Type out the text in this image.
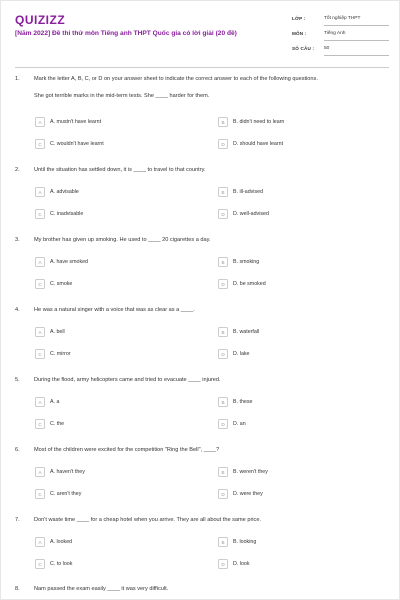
QUIZIZZ
[Năm 2022] Đề thi thử môn Tiếng anh THPT Quốc gia có lời giải (20 đề)
LỚP :	Tốt nghiệp THPT
MÔN :	Tiếng Anh
SỐ CÂU : 50
1.	Mark the letter A, B, C, or D on your answer sheet to indicate the correct answer to each of the following questions.
She got terrible marks in the mid-term tests. She ____ harder for them.
A	A. mustn't have learnt	B	B. didn't need to learn
C	C. wouldn't have learnt	D	D. should have learnt
2.	Until the situation has settled down, it is ____ to travel to that country.
A	A. advisable	B	B. ill-advised
C	C. inadvisable	D	D. well-advised
3.	My brother has given up smoking. He used to ____ 20 cigarettes a day.
A	A. have smoked	B	B. smoking
C	C. smoke	D	D. be smoked
4.	He was a natural singer with a voice that was as clear as a ____.
A	A. bell	B	B. waterfall
C	C. mirror	D	D. lake
5.	During the flood, army helicopters came and tried to evacuate ____ injured.
A	A. a	B	B. these
C	C. the	D	D. an
6.	Most of the children were excited for the competition "Ring the Bell", ____?
A	A. haven't they	B	B. weren't they
C	C. aren't they	D	D. were they
7.	Don't waste time ____ for a cheap hotel when you arrive. They are all about the same price.
A	A. looked	B	B. looking
C	C. to look	D	D. look
8.	Nam passed the exam easily ____ it was very difficult.
